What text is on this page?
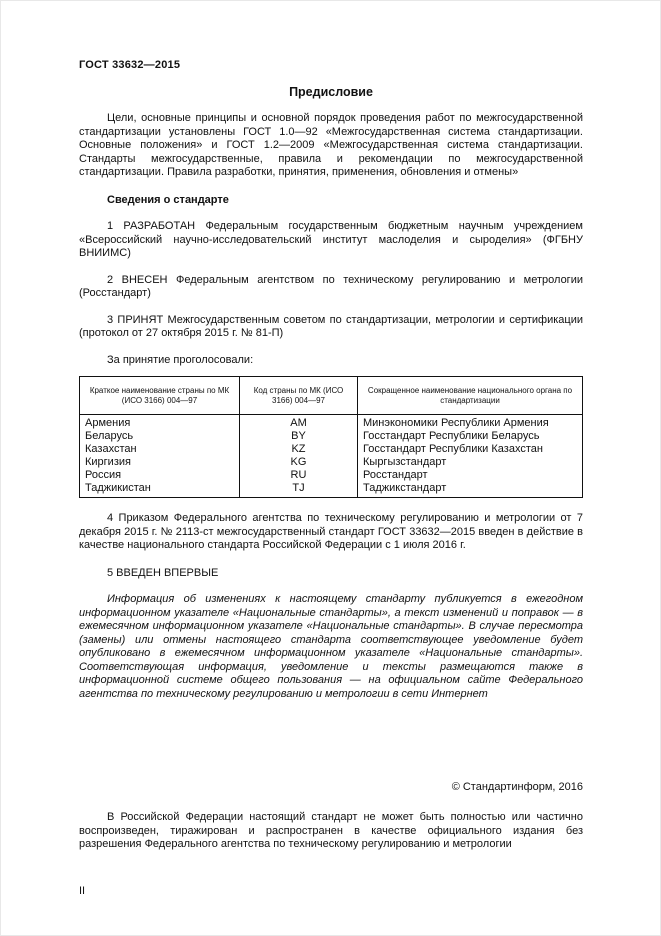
ГОСТ 33632—2015
Предисловие

Цели, основные принципы и основной порядок проведения работ по межгосударственной стандартизации установлены ГОСТ 1.0—92 «Межгосударственная система стандартизации. Основные положения» и ГОСТ 1.2—2009 «Межгосударственная система стандартизации. Стандарты межгосударственные, правила и рекомендации по межгосударственной стандартизации. Правила разработки, принятия, применения, обновления и отмены»

Сведения о стандарте

1 РАЗРАБОТАН Федеральным государственным бюджетным научным учреждением «Всероссийский научно-исследовательский институт маслоделия и сыроделия» (ФГБНУ ВНИИМС)

2 ВНЕСЕН Федеральным агентством по техническому регулированию и метрологии (Росстандарт)

3 ПРИНЯТ Межгосударственным советом по стандартизации, метрологии и сертификации (протокол от 27 октября 2015 г. № 81-П)

За принятие проголосовали:

Краткое наименование страны по МК (ИСО 3166) 004—97	Код страны по МК (ИСО 3166) 004—97	Сокращенное наименование национального органа по стандартизации
Армения	AM	Минэкономики Республики Армения
Беларусь	BY	Госстандарт Республики Беларусь
Казахстан	KZ	Госстандарт Республики Казахстан
Киргизия	KG	Кыргызстандарт
Россия	RU	Росстандарт
Таджикистан	TJ	Таджикстандарт

4 Приказом Федерального агентства по техническому регулированию и метрологии от 7 декабря 2015 г. № 2113-ст межгосударственный стандарт ГОСТ 33632—2015 введен в действие в качестве национального стандарта Российской Федерации с 1 июля 2016 г.

5 ВВЕДЕН ВПЕРВЫЕ

Информация об изменениях к настоящему стандарту публикуется в ежегодном информационном указателе «Национальные стандарты», а текст изменений и поправок — в ежемесячном информационном указателе «Национальные стандарты». В случае пересмотра (замены) или отмены настоящего стандарта соответствующее уведомление будет опубликовано в ежемесячном информационном указателе «Национальные стандарты». Соответствующая информация, уведомление и тексты размещаются также в информационной системе общего пользования — на официальном сайте Федерального агентства по техническому регулированию и метрологии в сети Интернет

© Стандартинформ, 2016

В Российской Федерации настоящий стандарт не может быть полностью или частично воспроизведен, тиражирован и распространен в качестве официального издания без разрешения Федерального агентства по техническому регулированию и метрологии

II
